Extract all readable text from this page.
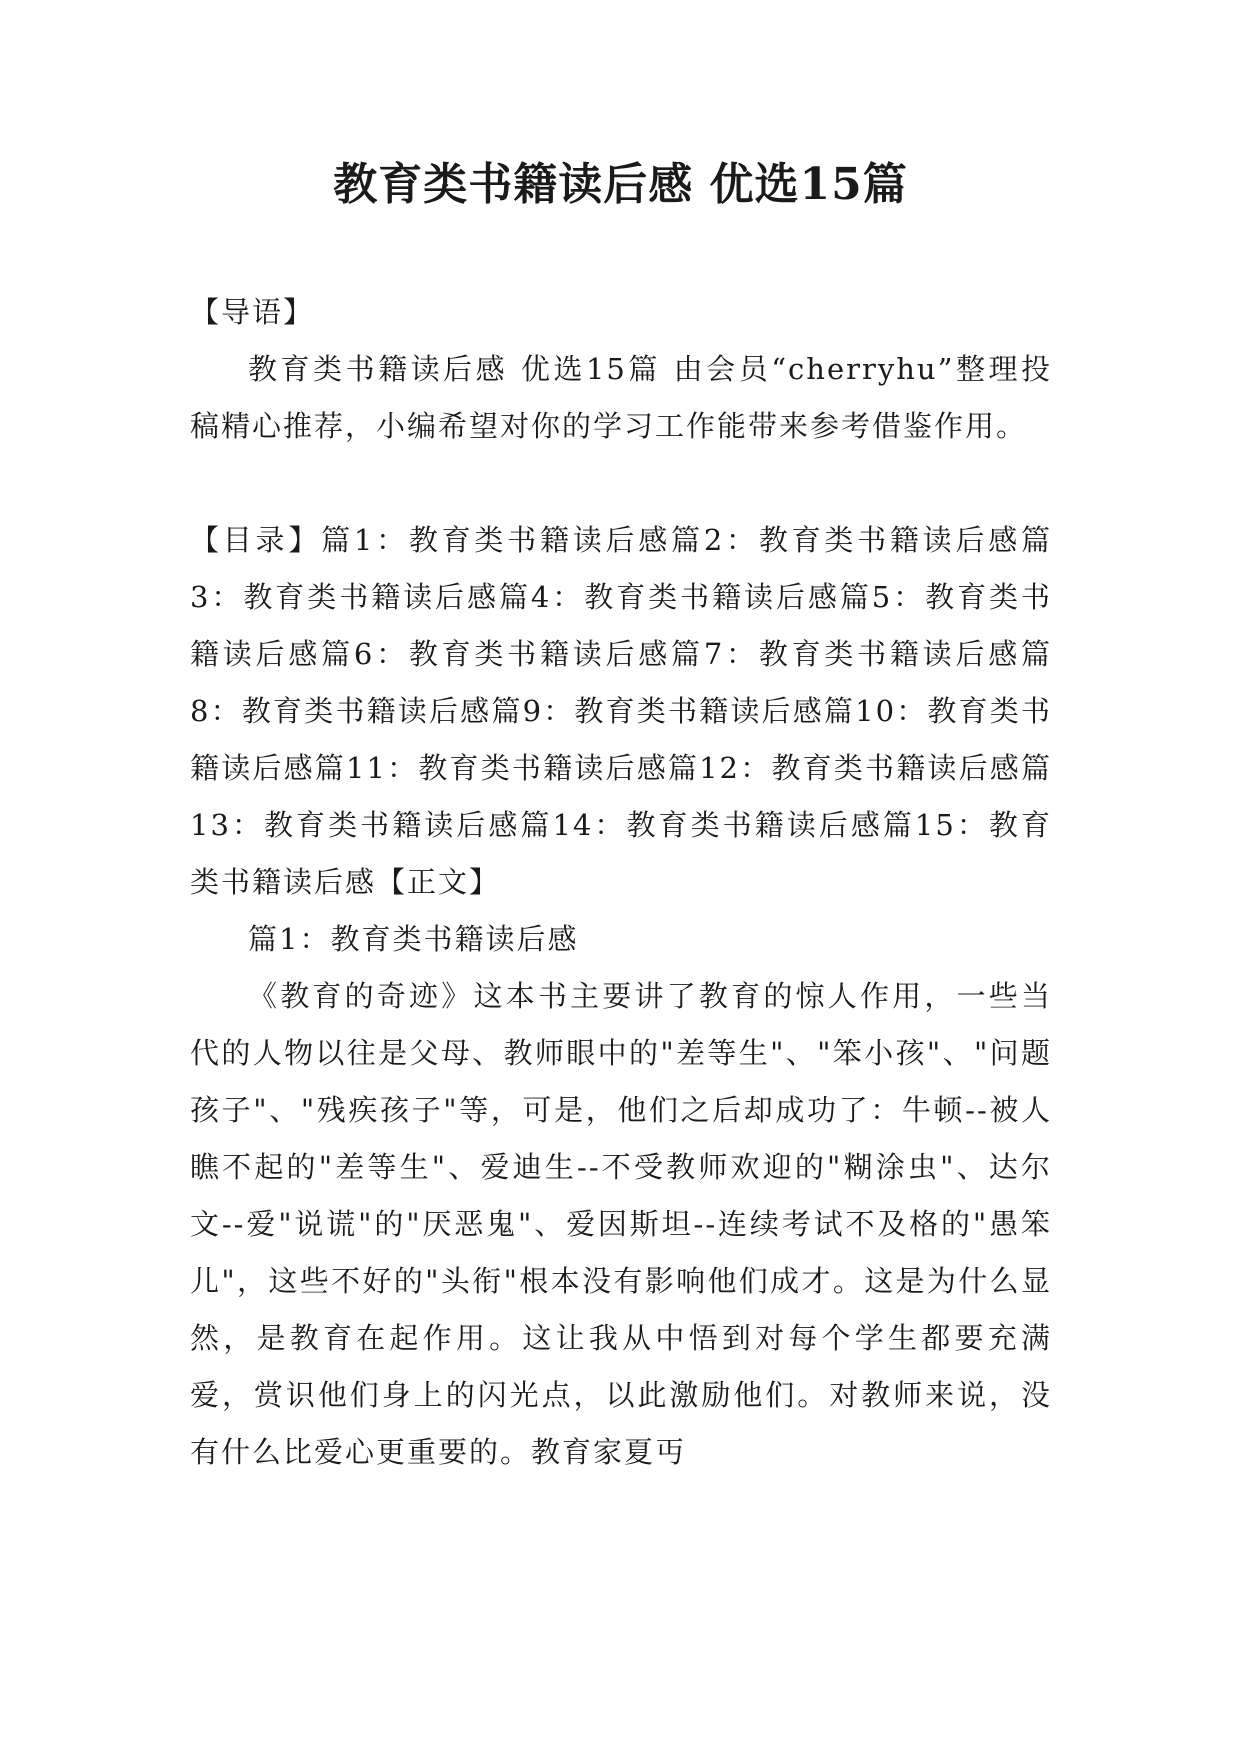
教育类书籍读后感 优选15篇

【导语】

教育类书籍读后感 优选15篇 由会员“cherryhu”整理投稿精心推荐，小编希望对你的学习工作能带来参考借鉴作用。

【目录】篇1：教育类书籍读后感篇2：教育类书籍读后感篇3：教育类书籍读后感篇4：教育类书籍读后感篇5：教育类书籍读后感篇6：教育类书籍读后感篇7：教育类书籍读后感篇8：教育类书籍读后感篇9：教育类书籍读后感篇10：教育类书籍读后感篇11：教育类书籍读后感篇12：教育类书籍读后感篇13：教育类书籍读后感篇14：教育类书籍读后感篇15：教育类书籍读后感【正文】

篇1：教育类书籍读后感

《教育的奇迹》这本书主要讲了教育的惊人作用，一些当代的人物以往是父母、教师眼中的"差等生"、"笨小孩"、"问题孩子"、"残疾孩子"等，可是，他们之后却成功了：牛顿--被人瞧不起的"差等生"、爱迪生--不受教师欢迎的"糊涂虫"、达尔文--爱"说谎"的"厌恶鬼"、爱因斯坦--连续考试不及格的"愚笨儿"，这些不好的"头衔"根本没有影响他们成才。这是为什么显然，是教育在起作用。这让我从中悟到对每个学生都要充满爱，赏识他们身上的闪光点，以此激励他们。对教师来说，没有什么比爱心更重要的。教育家夏丏
